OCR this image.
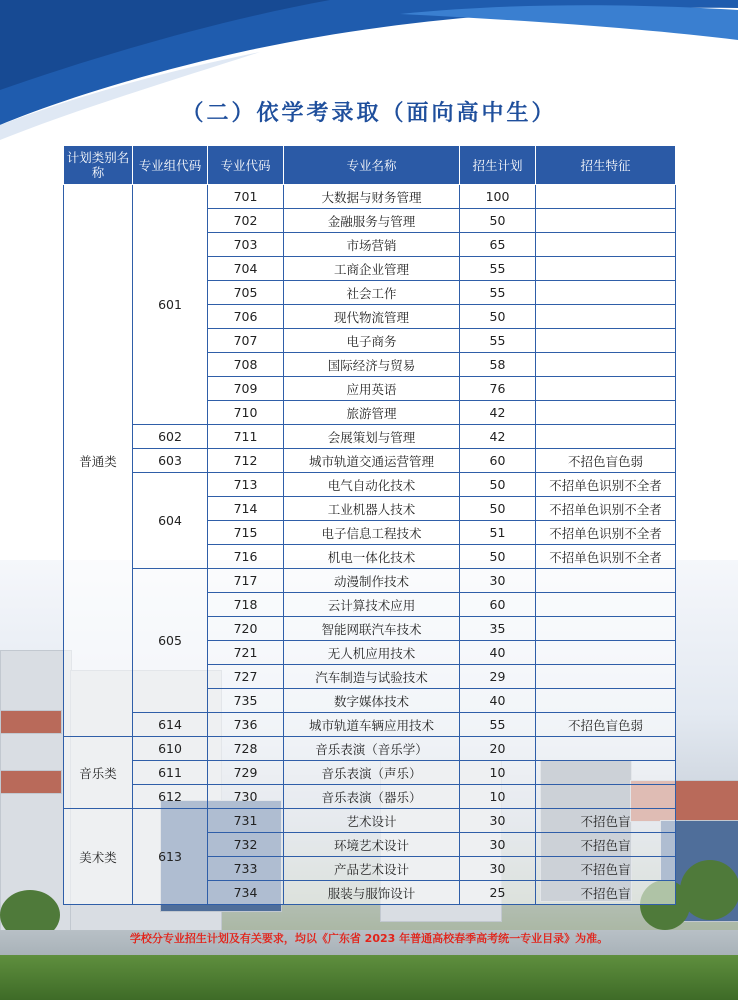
（二）依学考录取（面向高中生）
计划类别名称	专业组代码	专业代码	专业名称	招生计划	招生特征
普通类	601	701	大数据与财务管理	100	
		702	金融服务与管理	50	
		703	市场营销	65	
		704	工商企业管理	55	
		705	社会工作	55	
		706	现代物流管理	50	
		707	电子商务	55	
		708	国际经济与贸易	58	
		709	应用英语	76	
		710	旅游管理	42	
	602	711	会展策划与管理	42	
	603	712	城市轨道交通运营管理	60	不招色盲色弱
	604	713	电气自动化技术	50	不招单色识别不全者
		714	工业机器人技术	50	不招单色识别不全者
		715	电子信息工程技术	51	不招单色识别不全者
		716	机电一体化技术	50	不招单色识别不全者
	605	717	动漫制作技术	30	
		718	云计算技术应用	60	
		720	智能网联汽车技术	35	
		721	无人机应用技术	40	
		727	汽车制造与试验技术	29	
		735	数字媒体技术	40	
	614	736	城市轨道车辆应用技术	55	不招色盲色弱
音乐类	610	728	音乐表演（音乐学）	20	
	611	729	音乐表演（声乐）	10	
	612	730	音乐表演（器乐）	10	
美术类	613	731	艺术设计	30	不招色盲
		732	环境艺术设计	30	不招色盲
		733	产品艺术设计	30	不招色盲
		734	服装与服饰设计	25	不招色盲
学校分专业招生计划及有关要求，均以《广东省 2023 年普通高校春季高考统一专业目录》为准。
